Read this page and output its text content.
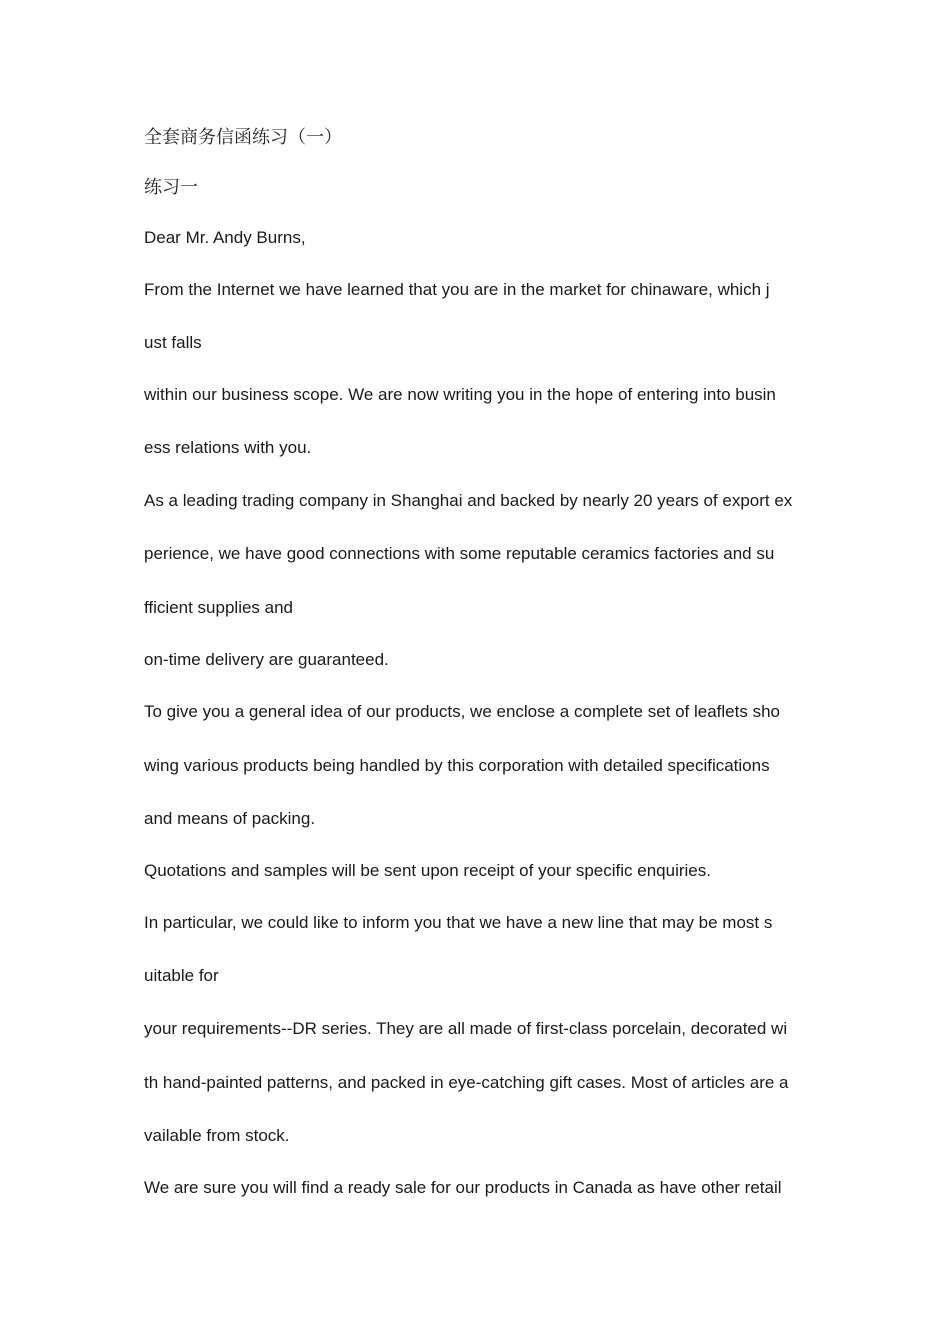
全套商务信函练习（一）
练习一
Dear Mr. Andy Burns,
From the Internet we have learned that you are in the market for chinaware, which j
ust falls
within our business scope. We are now writing you in the hope of entering into busin
ess relations with you.
As a leading trading company in Shanghai and backed by nearly 20 years of export ex
perience, we have good connections with some reputable ceramics factories and su
fficient supplies and
on-time delivery are guaranteed.
To give you a general idea of our products, we enclose a complete set of leaflets sho
wing various products being handled by this corporation with detailed specifications
and means of packing.
Quotations and samples will be sent upon receipt of your specific enquiries.
In particular, we could like to inform you that we have a new line that may be most s
uitable for
your requirements--DR series. They are all made of first-class porcelain, decorated wi
th hand-painted patterns, and packed in eye-catching gift cases. Most of articles are a
vailable from stock.
We are sure you will find a ready sale for our products in Canada as have other retail
